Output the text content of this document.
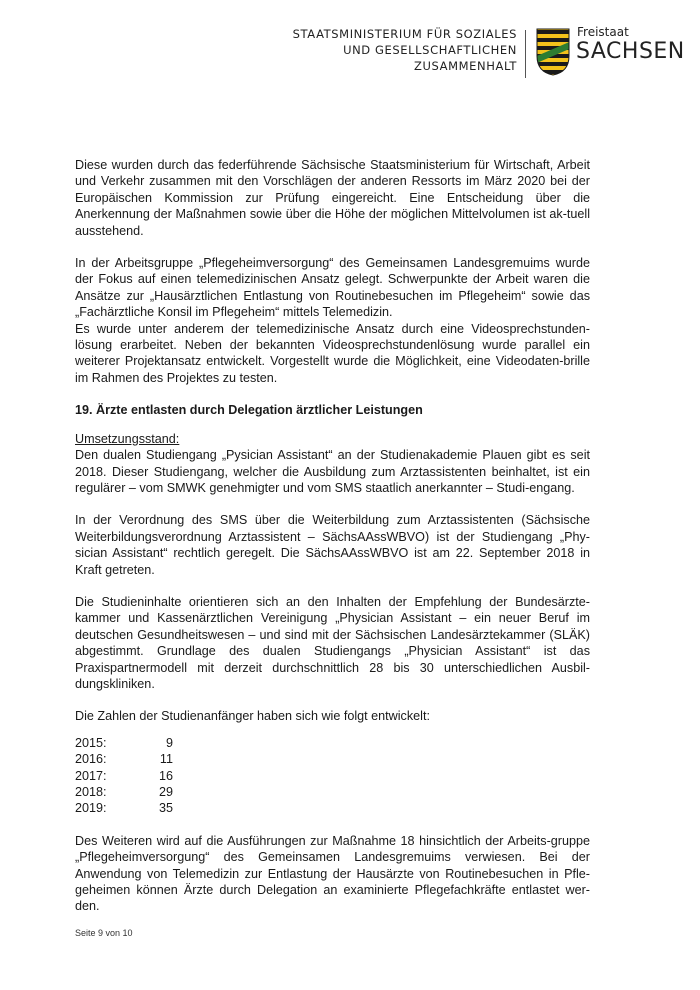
STAATSMINISTERIUM FÜR SOZIALES
UND GESELLSCHAFTLICHEN
ZUSAMMENHALT
Freistaat
SACHSEN

Diese wurden durch das federführende Sächsische Staatsministerium für Wirtschaft, Arbeit und Verkehr zusammen mit den Vorschlägen der anderen Ressorts im März 2020 bei der Europäischen Kommission zur Prüfung eingereicht. Eine Entscheidung über die Anerkennung der Maßnahmen sowie über die Höhe der möglichen Mittelvolumen ist ak-tuell ausstehend.

In der Arbeitsgruppe „Pflegeheimversorgung“ des Gemeinsamen Landesgremuims wurde der Fokus auf einen telemedizinischen Ansatz gelegt. Schwerpunkte der Arbeit waren die Ansätze zur „Hausärztlichen Entlastung von Routinebesuchen im Pflegeheim“ sowie das „Fachärztliche Konsil im Pflegeheim“ mittels Telemedizin.

Es wurde unter anderem der telemedizinische Ansatz durch eine Videosprechstunden-lösung erarbeitet. Neben der bekannten Videosprechstundenlösung wurde parallel ein weiterer Projektansatz entwickelt. Vorgestellt wurde die Möglichkeit, eine Videodaten-brille im Rahmen des Projektes zu testen.

19. Ärzte entlasten durch Delegation ärztlicher Leistungen

Umsetzungsstand:
Den dualen Studiengang „Pysician Assistant“ an der Studienakademie Plauen gibt es seit 2018. Dieser Studiengang, welcher die Ausbildung zum Arztassistenten beinhaltet, ist ein regulärer – vom SMWK genehmigter und vom SMS staatlich anerkannter – Studi-engang.

In der Verordnung des SMS über die Weiterbildung zum Arztassistenten (Sächsische Weiterbildungsverordnung Arztassistent – SächsAAssWBVO) ist der Studiengang „Phy-sician Assistant“ rechtlich geregelt. Die SächsAAssWBVO ist am 22. September 2018 in Kraft getreten.

Die Studieninhalte orientieren sich an den Inhalten der Empfehlung der Bundesärzte-kammer und Kassenärztlichen Vereinigung „Physician Assistant – ein neuer Beruf im deutschen Gesundheitswesen – und sind mit der Sächsischen Landesärztekammer (SLÄK) abgestimmt. Grundlage des dualen Studiengangs „Physician Assistant“ ist das Praxispartnermodell mit derzeit durchschnittlich 28 bis 30 unterschiedlichen Ausbil-dungskliniken.

Die Zahlen der Studienanfänger haben sich wie folgt entwickelt:

2015:	9
2016:	11
2017:	16
2018:	29
2019:	35

Des Weiteren wird auf die Ausführungen zur Maßnahme 18 hinsichtlich der Arbeits-gruppe „Pflegeheimversorgung“ des Gemeinsamen Landesgremuims verwiesen. Bei der Anwendung von Telemedizin zur Entlastung der Hausärzte von Routinebesuchen in Pfle-geheimen können Ärzte durch Delegation an examinierte Pflegefachkräfte entlastet wer-den.

Seite 9 von 10
